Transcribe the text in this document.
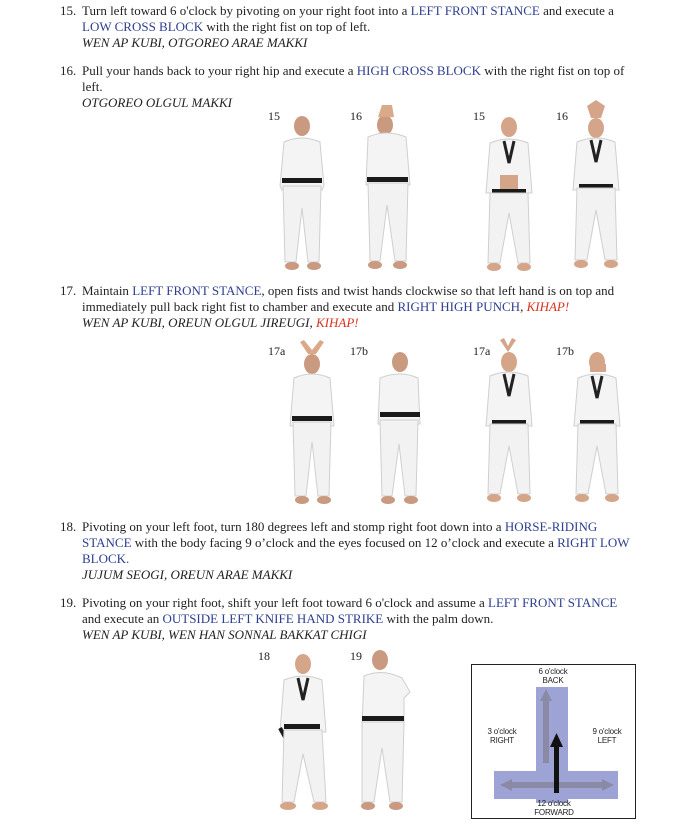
15. Turn left toward 6 o'clock by pivoting on your right foot into a LEFT FRONT STANCE and execute a LOW CROSS BLOCK with the right fist on top of left.
WEN AP KUBI, OTGOREO ARAE MAKKI
16. Pull your hands back to your right hip and execute a HIGH CROSS BLOCK with the right fist on top of left.
OTGOREO OLGUL MAKKI
15	16	15	16
17. Maintain LEFT FRONT STANCE, open fists and twist hands clockwise so that left hand is on top and immediately pull back right fist to chamber and execute and RIGHT HIGH PUNCH, KIHAP!
WEN AP KUBI, OREUN OLGUL JIREUGI, KIHAP!
17a	17b	17a	17b
18. Pivoting on your left foot, turn 180 degrees left and stomp right foot down into a HORSE-RIDING STANCE with the body facing 9 o’clock and the eyes focused on 12 o’clock and execute a RIGHT LOW BLOCK.
JUJUM SEOGI, OREUN ARAE MAKKI
19. Pivoting on your right foot, shift your left foot toward 6 o'clock and assume a LEFT FRONT STANCE and execute an OUTSIDE LEFT KNIFE HAND STRIKE with the palm down.
WEN AP KUBI, WEN HAN SONNAL BAKKAT CHIGI
18	19
6 o'clock
BACK
3 o'clock
RIGHT
9 o'clock
LEFT
12 o'clock
FORWARD
